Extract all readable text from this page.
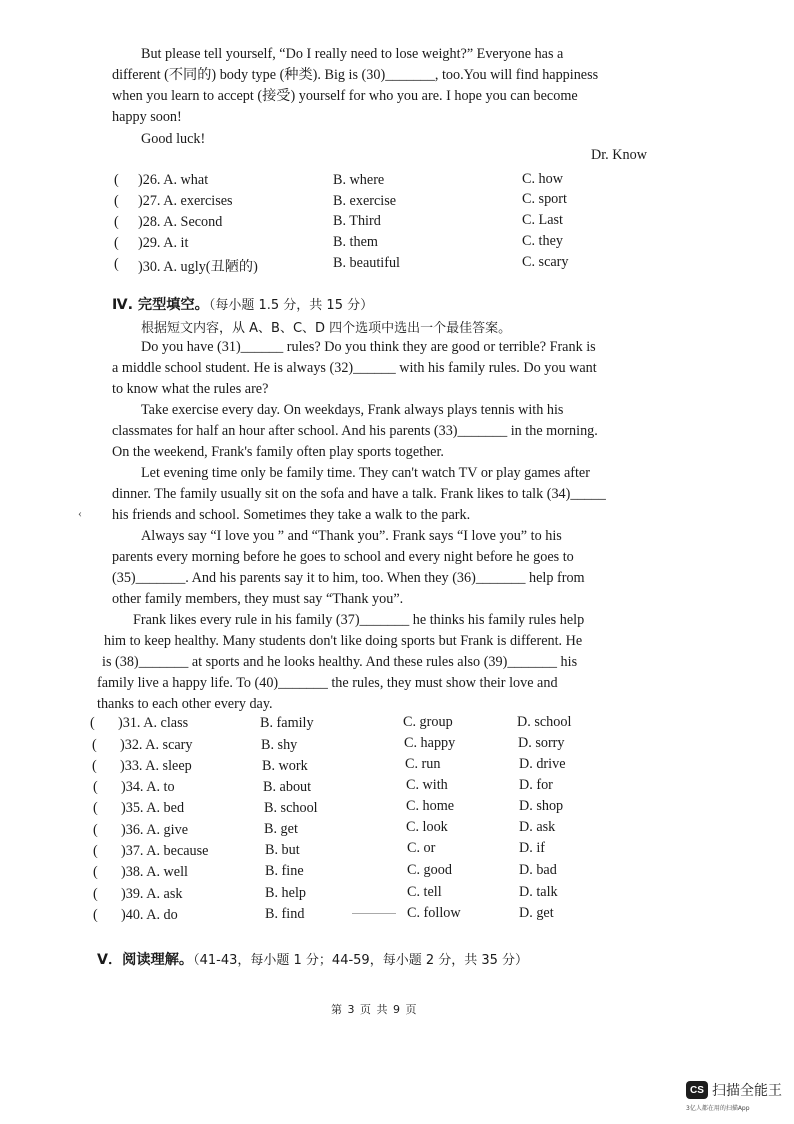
But please tell yourself, “Do I really need to lose weight?” Everyone has a
different (不同的) body type (种类). Big is (30)_______, too.You will find happiness
when you learn to accept (接受) yourself for who you are. I hope you can become
happy soon!
Good luck!
Dr. Know
( )26. A. what	B. where	C. how
( )27. A. exercises	B. exercise	C. sport
( )28. A. Second	B. Third	C. Last
( )29. A. it	B. them	C. they
( )30. A. ugly(丑陋的)	B. beautiful	C. scary
Ⅳ. 完型填空。（每小题 1.5 分，共 15 分）
根据短文内容，从 A、B、C、D 四个选项中选出一个最佳答案。
Do you have (31)______ rules? Do you think they are good or terrible? Frank is
a middle school student. He is always (32)______ with his family rules. Do you want
to know what the rules are?
Take exercise every day. On weekdays, Frank always plays tennis with his
classmates for half an hour after school. And his parents (33)_______ in the morning.
On the weekend, Frank's family often play sports together.
Let evening time only be family time. They can't watch TV or play games after
dinner. The family usually sit on the sofa and have a talk. Frank likes to talk (34)_____
his friends and school. Sometimes they take a walk to the park.
Always say “I love you ” and “Thank you”. Frank says “I love you” to his
parents every morning before he goes to school and every night before he goes to
(35)_______. And his parents say it to him, too. When they (36)_______ help from
other family members, they must say “Thank you”.
Frank likes every rule in his family (37)_______ he thinks his family rules help
him to keep healthy. Many students don't like doing sports but Frank is different. He
is (38)_______ at sports and he looks healthy. And these rules also (39)_______ his
family live a happy life. To (40)_______ the rules, they must show their love and
thanks to each other every day.
‹
( )31. A. class	B. family	C. group	D. school
( )32. A. scary	B. shy	C. happy	D. sorry
( )33. A. sleep	B. work	C. run	D. drive
( )34. A. to	B. about	C. with	D. for
( )35. A. bed	B. school	C. home	D. shop
( )36. A. give	B. get	C. look	D. ask
( )37. A. because	B. but	C. or	D. if
( )38. A. well	B. fine	C. good	D. bad
( )39. A. ask	B. help	C. tell	D. talk
( )40. A. do	B. find	C. follow	D. get
V．阅读理解。（41-43，每小题 1 分；44-59，每小题 2 分，共 35 分）
第 3 页 共 9 页
CS 扫描全能王
3亿人都在用的扫描App
